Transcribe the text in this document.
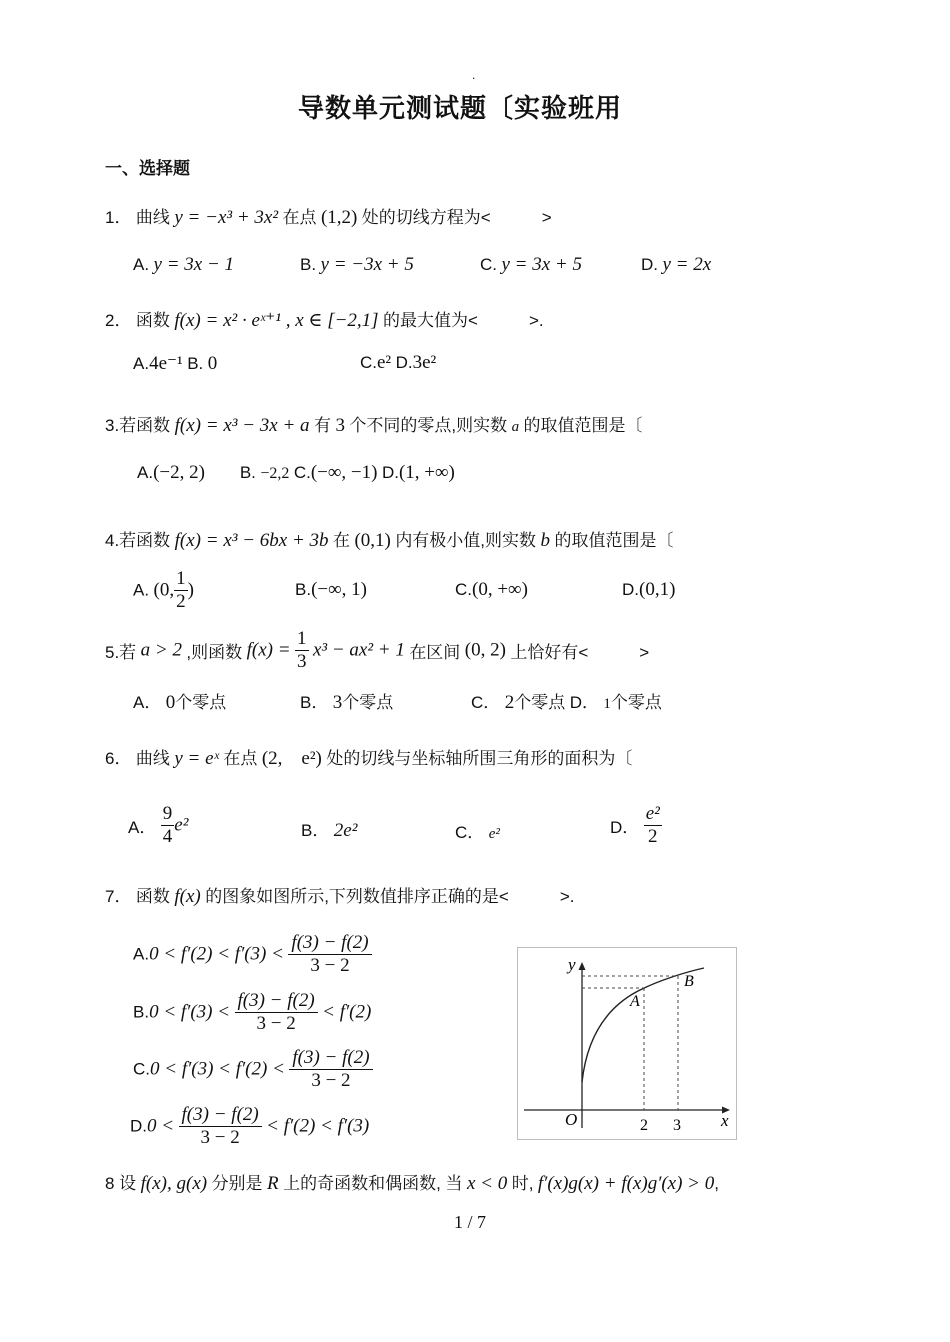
.
导数单元测试题〔实验班用
一、选择题
1． 曲线 y = −x³ + 3x² 在点 (1,2) 处的切线方程为<　　　>
A. y = 3x − 1	B. y = −3x + 5	C. y = 3x + 5	D. y = 2x
2． 函数 f(x) = x² · eˣ⁺¹ , x ∈ [−2,1] 的最大值为<　　　>.
A.4e⁻¹ B. 0	C.e² D.3e²
3.若函数 f(x) = x³ − 3x + a 有 3 个不同的零点,则实数 a 的取值范围是〔
A.(−2, 2) B. −2,2 C.(−∞, −1) D.(1, +∞)
4.若函数 f(x) = x³ − 6bx + 3b 在 (0,1) 内有极小值,则实数 b 的取值范围是〔
A. (0, $\frac{1}{2}$ )	B.(−∞, 1)	C.(0, +∞)	D.(0,1)
5.若 a > 2 ,则函数 $f(x) = \frac{1}{3} x^3 - ax^2 + 1$ 在区间 (0, 2) 上恰好有<　　　>
A． 0个零点	B． 3个零点	C． 2个零点 D． 1个零点
6． 曲线 y = eˣ 在点 (2,　e²) 处的切线与坐标轴所围三角形的面积为〔
A． $\frac{9}{4} e^2$	B． 2e²	C． e²	D． $\frac{\text{e²}}{2}$
7． 函数 f(x) 的图象如图所示,下列数值排序正确的是<　　　>.
$A.0 < f'(2) < f'(3) < \frac{f(3) - f(2)}{3 - 2}$
$B.0 < f'(3) < \frac{f(3) - f(2)}{3 - 2} < f'(2)$
$C.0 < f'(3) < f'(2) < \frac{f(3) - f(2)}{3 - 2}$
$D.0 < \frac{f(3) - f(2)}{3 - 2} < f'(2) < f'(3)$
y
x
O
A
B
2 3
8 设 f(x), g(x) 分别是 R 上的奇函数和偶函数, 当 x < 0 时, f′(x)g(x) + f(x)g′(x) > 0,
1 / 7
